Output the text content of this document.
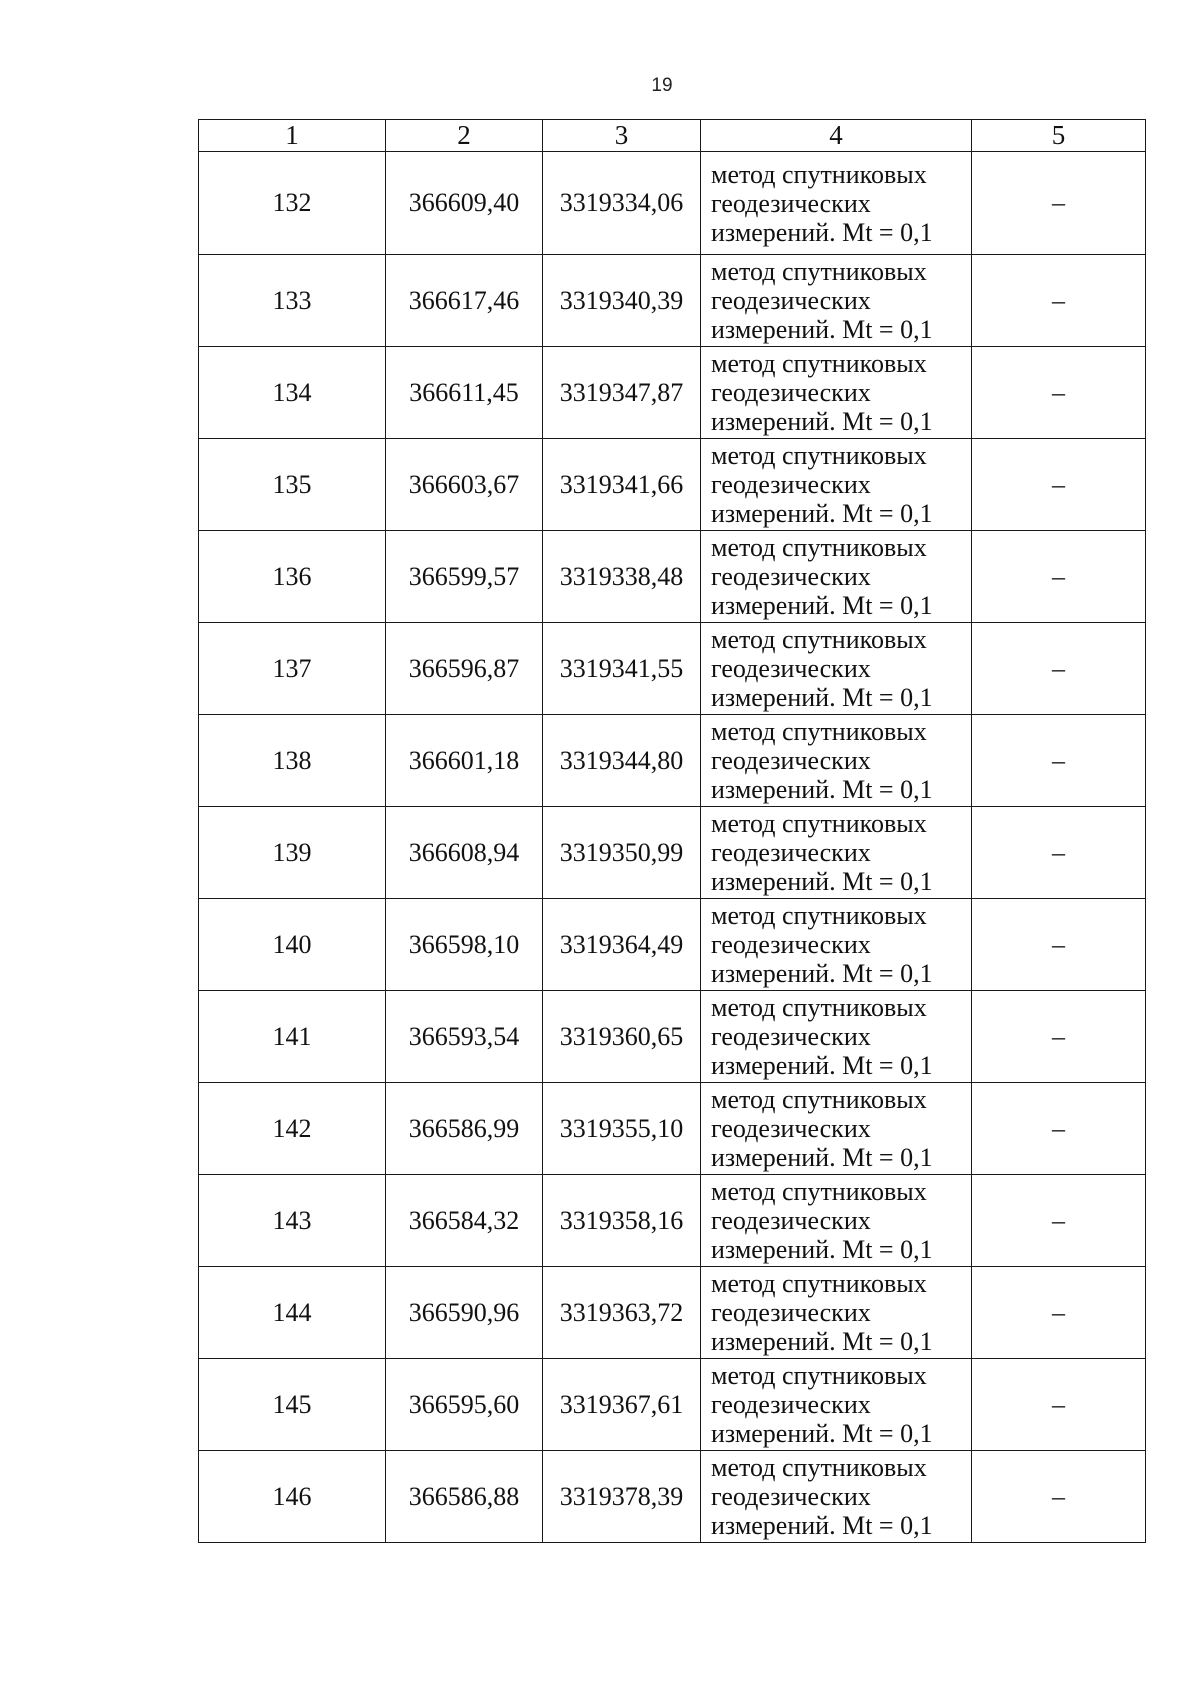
19
1	2	3	4	5
132	366609,40	3319334,06	метод спутниковых
геодезических
измерений. Mt = 0,1	–
133	366617,46	3319340,39	метод спутниковых
геодезических
измерений. Mt = 0,1	–
134	366611,45	3319347,87	метод спутниковых
геодезических
измерений. Mt = 0,1	–
135	366603,67	3319341,66	метод спутниковых
геодезических
измерений. Mt = 0,1	–
136	366599,57	3319338,48	метод спутниковых
геодезических
измерений. Mt = 0,1	–
137	366596,87	3319341,55	метод спутниковых
геодезических
измерений. Mt = 0,1	–
138	366601,18	3319344,80	метод спутниковых
геодезических
измерений. Mt = 0,1	–
139	366608,94	3319350,99	метод спутниковых
геодезических
измерений. Mt = 0,1	–
140	366598,10	3319364,49	метод спутниковых
геодезических
измерений. Mt = 0,1	–
141	366593,54	3319360,65	метод спутниковых
геодезических
измерений. Mt = 0,1	–
142	366586,99	3319355,10	метод спутниковых
геодезических
измерений. Mt = 0,1	–
143	366584,32	3319358,16	метод спутниковых
геодезических
измерений. Mt = 0,1	–
144	366590,96	3319363,72	метод спутниковых
геодезических
измерений. Mt = 0,1	–
145	366595,60	3319367,61	метод спутниковых
геодезических
измерений. Mt = 0,1	–
146	366586,88	3319378,39	метод спутниковых
геодезических
измерений. Mt = 0,1	–
